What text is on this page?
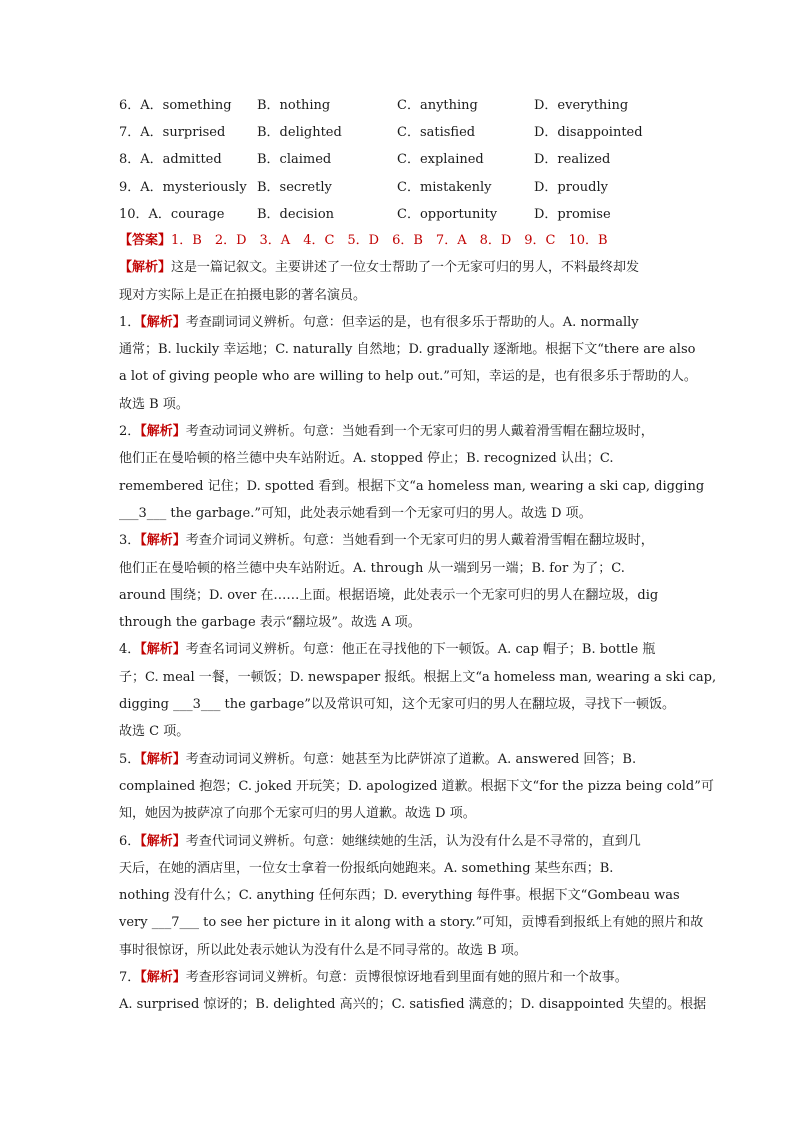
6．A．something B．nothing	C．anything	D．everything
7．A．surprised B．delighted	C．satisfied	D．disappointed
8．A．admitted	B．claimed	C．explained	D．realized
9．A．mysteriously B．secretly	C．mistakenly	D．proudly
10．A．courage	B．decision	C．opportunity	D．promise
【答案】1．B　2．D　3．A　4．C　5．D　6．B　7．A　8．D　9．C　10．B
【解析】这是一篇记叙文。主要讲述了一位女士帮助了一个无家可归的男人，不料最终却发
现对方实际上是正在拍摄电影的著名演员。
1．【解析】考查副词词义辨析。句意：但幸运的是，也有很多乐于帮助的人。A. normally
通常；B. luckily 幸运地；C. naturally 自然地；D. gradually 逐渐地。根据下文“there are also
a lot of giving people who are willing to help out.”可知，幸运的是，也有很多乐于帮助的人。
故选 B 项。
2．【解析】考查动词词义辨析。句意：当她看到一个无家可归的男人戴着滑雪帽在翻垃圾时，
他们正在曼哈顿的格兰德中央车站附近。A. stopped 停止；B. recognized 认出；C.
remembered 记住；D. spotted 看到。根据下文“a homeless man, wearing a ski cap, digging
___3___ the garbage.”可知，此处表示她看到一个无家可归的男人。故选 D 项。
3．【解析】考查介词词义辨析。句意：当她看到一个无家可归的男人戴着滑雪帽在翻垃圾时，
他们正在曼哈顿的格兰德中央车站附近。A. through 从一端到另一端；B. for 为了；C.
around 围绕；D. over 在……上面。根据语境，此处表示一个无家可归的男人在翻垃圾，dig
through the garbage 表示“翻垃圾”。故选 A 项。
4．【解析】考查名词词义辨析。句意：他正在寻找他的下一顿饭。A. cap 帽子；B. bottle 瓶
子；C. meal 一餐，一顿饭；D. newspaper 报纸。根据上文“a homeless man, wearing a ski cap,
digging ___3___ the garbage”以及常识可知，这个无家可归的男人在翻垃圾，寻找下一顿饭。
故选 C 项。
5．【解析】考查动词词义辨析。句意：她甚至为比萨饼凉了道歉。A. answered 回答；B.
complained 抱怨；C. joked 开玩笑；D. apologized 道歉。根据下文“for the pizza being cold”可
知，她因为披萨凉了向那个无家可归的男人道歉。故选 D 项。
6．【解析】考查代词词义辨析。句意：她继续她的生活，认为没有什么是不寻常的，直到几
天后，在她的酒店里，一位女士拿着一份报纸向她跑来。A. something 某些东西；B.
nothing 没有什么；C. anything 任何东西；D. everything 每件事。根据下文“Gombeau was
very ___7___ to see her picture in it along with a story.”可知，贡博看到报纸上有她的照片和故
事时很惊讶，所以此处表示她认为没有什么是不同寻常的。故选 B 项。
7．【解析】考查形容词词义辨析。句意：贡博很惊讶地看到里面有她的照片和一个故事。
A. surprised 惊讶的；B. delighted 高兴的；C. satisfied 满意的；D. disappointed 失望的。根据
